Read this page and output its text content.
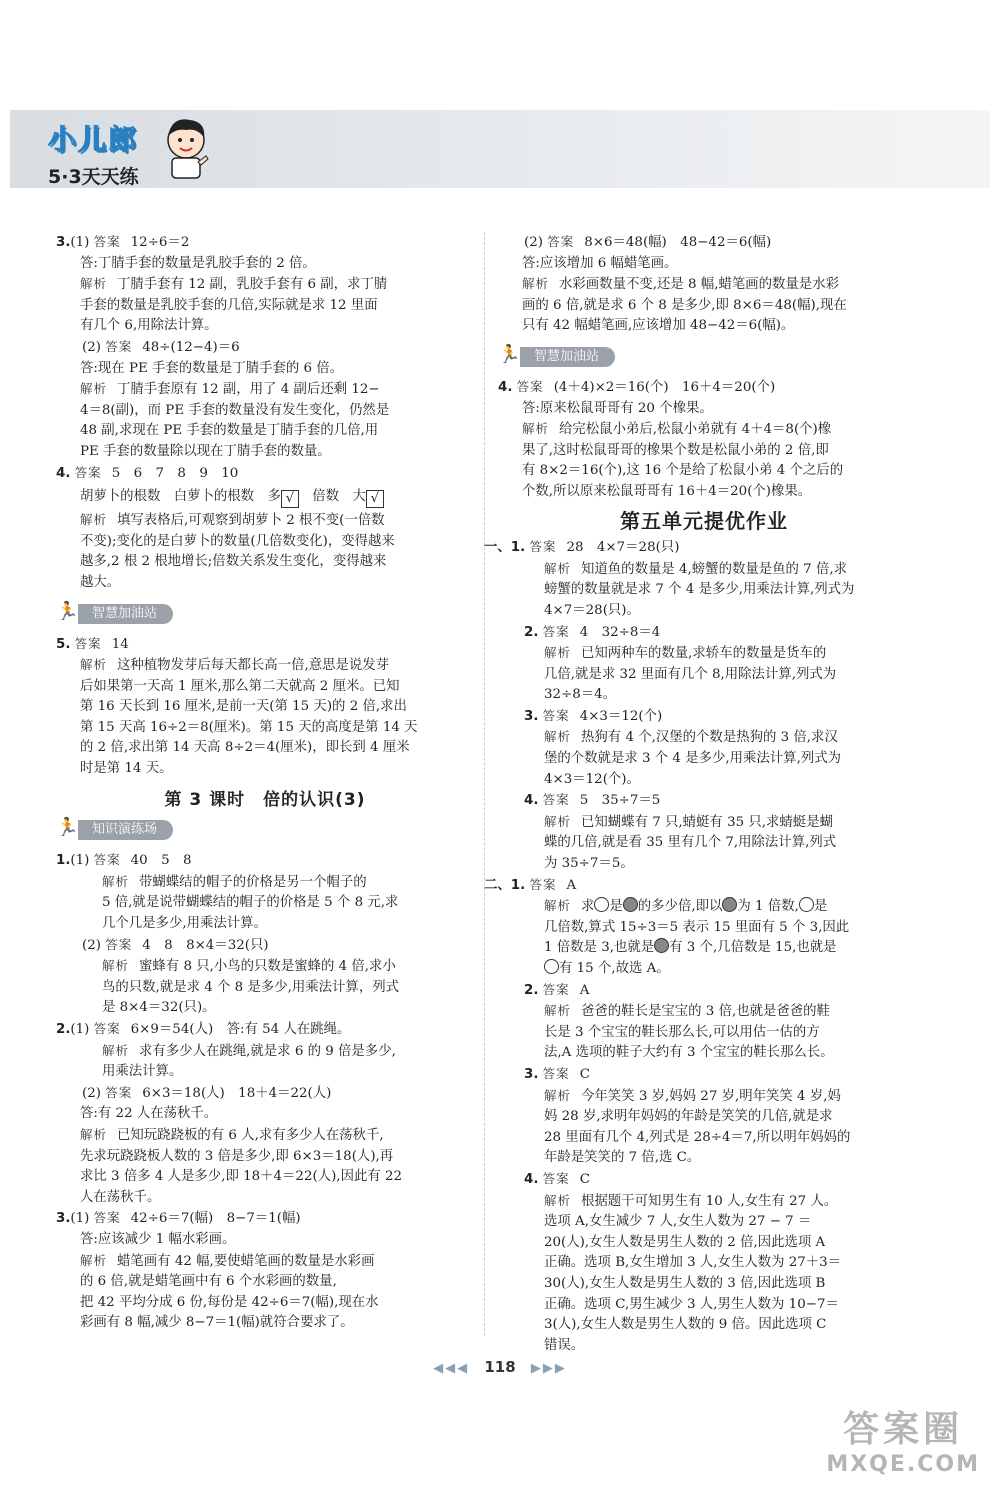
小儿郎
5·3天天练
3.(1) 答案 12÷6＝2
答:丁腈手套的数量是乳胶手套的 2 倍。
解析 丁腈手套有 12 副，乳胶手套有 6 副，求丁腈
手套的数量是乳胶手套的几倍,实际就是求 12 里面
有几个 6,用除法计算。
(2) 答案 48÷(12−4)＝6
答:现在 PE 手套的数量是丁腈手套的 6 倍。
解析 丁腈手套原有 12 副，用了 4 副后还剩 12−
4＝8(副)，而 PE 手套的数量没有发生变化，仍然是
48 副,求现在 PE 手套的数量是丁腈手套的几倍,用
PE 手套的数量除以现在丁腈手套的数量。
4. 答案 5　6　7　8　9　10
胡萝卜的根数　白萝卜的根数　多 √　 倍数　大 √
解析 填写表格后,可观察到胡萝卜 2 根不变(一倍数
不变);变化的是白萝卜的数量(几倍数变化)，变得越来
越多,2 根 2 根地增长;倍数关系发生变化，变得越来
越大。
🏃 智慧加油站
5. 答案 14
解析 这种植物发芽后每天都长高一倍,意思是说发芽
后如果第一天高 1 厘米,那么第二天就高 2 厘米。已知
第 16 天长到 16 厘米,是前一天(第 15 天)的 2 倍,求出
第 15 天高 16÷2＝8(厘米)。第 15 天的高度是第 14 天
的 2 倍,求出第 14 天高 8÷2＝4(厘米)，即长到 4 厘米
时是第 14 天。
第 3 课时　倍的认识(3)
🏃 知识演练场
1.(1) 答案 40　5　8
解析 带蝴蝶结的帽子的价格是另一个帽子的
5 倍,就是说带蝴蝶结的帽子的价格是 5 个 8 元,求
几个几是多少,用乘法计算。
(2) 答案 4　8　8×4＝32(只)
解析 蜜蜂有 8 只,小鸟的只数是蜜蜂的 4 倍,求小
鸟的只数,就是求 4 个 8 是多少,用乘法计算，列式
是 8×4＝32(只)。
2.(1) 答案 6×9＝54(人)　答:有 54 人在跳绳。
解析 求有多少人在跳绳,就是求 6 的 9 倍是多少,
用乘法计算。
(2) 答案 6×3＝18(人)　18＋4＝22(人)
答:有 22 人在荡秋千。
解析 已知玩跷跷板的有 6 人,求有多少人在荡秋千,
先求玩跷跷板人数的 3 倍是多少,即 6×3＝18(人),再
求比 3 倍多 4 人是多少,即 18＋4＝22(人),因此有 22
人在荡秋千。
3.(1) 答案 42÷6＝7(幅)　8−7＝1(幅)
答:应该减少 1 幅水彩画。
解析 蜡笔画有 42 幅,要使蜡笔画的数量是水彩画
的 6 倍,就是蜡笔画中有 6 个水彩画的数量,
把 42 平均分成 6 份,每份是 42÷6＝7(幅),现在水
彩画有 8 幅,减少 8−7＝1(幅)就符合要求了。
(2) 答案 8×6＝48(幅)　48−42＝6(幅)
答:应该增加 6 幅蜡笔画。
解析 水彩画数量不变,还是 8 幅,蜡笔画的数量是水彩
画的 6 倍,就是求 6 个 8 是多少,即 8×6＝48(幅),现在
只有 42 幅蜡笔画,应该增加 48−42＝6(幅)。
🏃 智慧加油站
4. 答案 (4＋4)×2＝16(个)　16＋4＝20(个)
答:原来松鼠哥哥有 20 个橡果。
解析 给完松鼠小弟后,松鼠小弟就有 4＋4＝8(个)橡
果了,这时松鼠哥哥的橡果个数是松鼠小弟的 2 倍,即
有 8×2＝16(个),这 16 个是给了松鼠小弟 4 个之后的
个数,所以原来松鼠哥哥有 16＋4＝20(个)橡果。
第五单元提优作业
一、1. 答案 28　4×7＝28(只)
解析 知道鱼的数量是 4,螃蟹的数量是鱼的 7 倍,求
螃蟹的数量就是求 7 个 4 是多少,用乘法计算,列式为
4×7＝28(只)。
2. 答案 4　32÷8＝4
解析 已知两种车的数量,求轿车的数量是货车的
几倍,就是求 32 里面有几个 8,用除法计算,列式为
32÷8＝4。
3. 答案 4×3＝12(个)
解析 热狗有 4 个,汉堡的个数是热狗的 3 倍,求汉
堡的个数就是求 3 个 4 是多少,用乘法计算,列式为
4×3＝12(个)。
4. 答案 5　35÷7＝5
解析 已知蝴蝶有 7 只,蜻蜓有 35 只,求蜻蜓是蝴
蝶的几倍,就是看 35 里有几个 7,用除法计算,列式
为 35÷7＝5。
二、1. 答案 A
解析 求 是 的多少倍,即以 为 1 倍数, 是
几倍数,算式 15÷3＝5 表示 15 里面有 5 个 3,因此
1 倍数是 3,也就是 有 3 个,几倍数是 15,也就是
有 15 个,故选 A。
2. 答案 A
解析 爸爸的鞋长是宝宝的 3 倍,也就是爸爸的鞋
长是 3 个宝宝的鞋长那么长,可以用估一估的方
法,A 选项的鞋子大约有 3 个宝宝的鞋长那么长。
3. 答案 C
解析 今年笑笑 3 岁,妈妈 27 岁,明年笑笑 4 岁,妈
妈 28 岁,求明年妈妈的年龄是笑笑的几倍,就是求
28 里面有几个 4,列式是 28÷4＝7,所以明年妈妈的
年龄是笑笑的 7 倍,选 C。
4. 答案 C
解析 根据题干可知男生有 10 人,女生有 27 人。
选项 A,女生减少 7 人,女生人数为 27 − 7 ＝
20(人),女生人数是男生人数的 2 倍,因此选项 A
正确。选项 B,女生增加 3 人,女生人数为 27＋3＝
30(人),女生人数是男生人数的 3 倍,因此选项 B
正确。选项 C,男生减少 3 人,男生人数为 10−7＝
3(人),女生人数是男生人数的 9 倍。因此选项 C
错误。
◀◀◀ 118 ▶▶▶
答案圈
MXQE.COM
